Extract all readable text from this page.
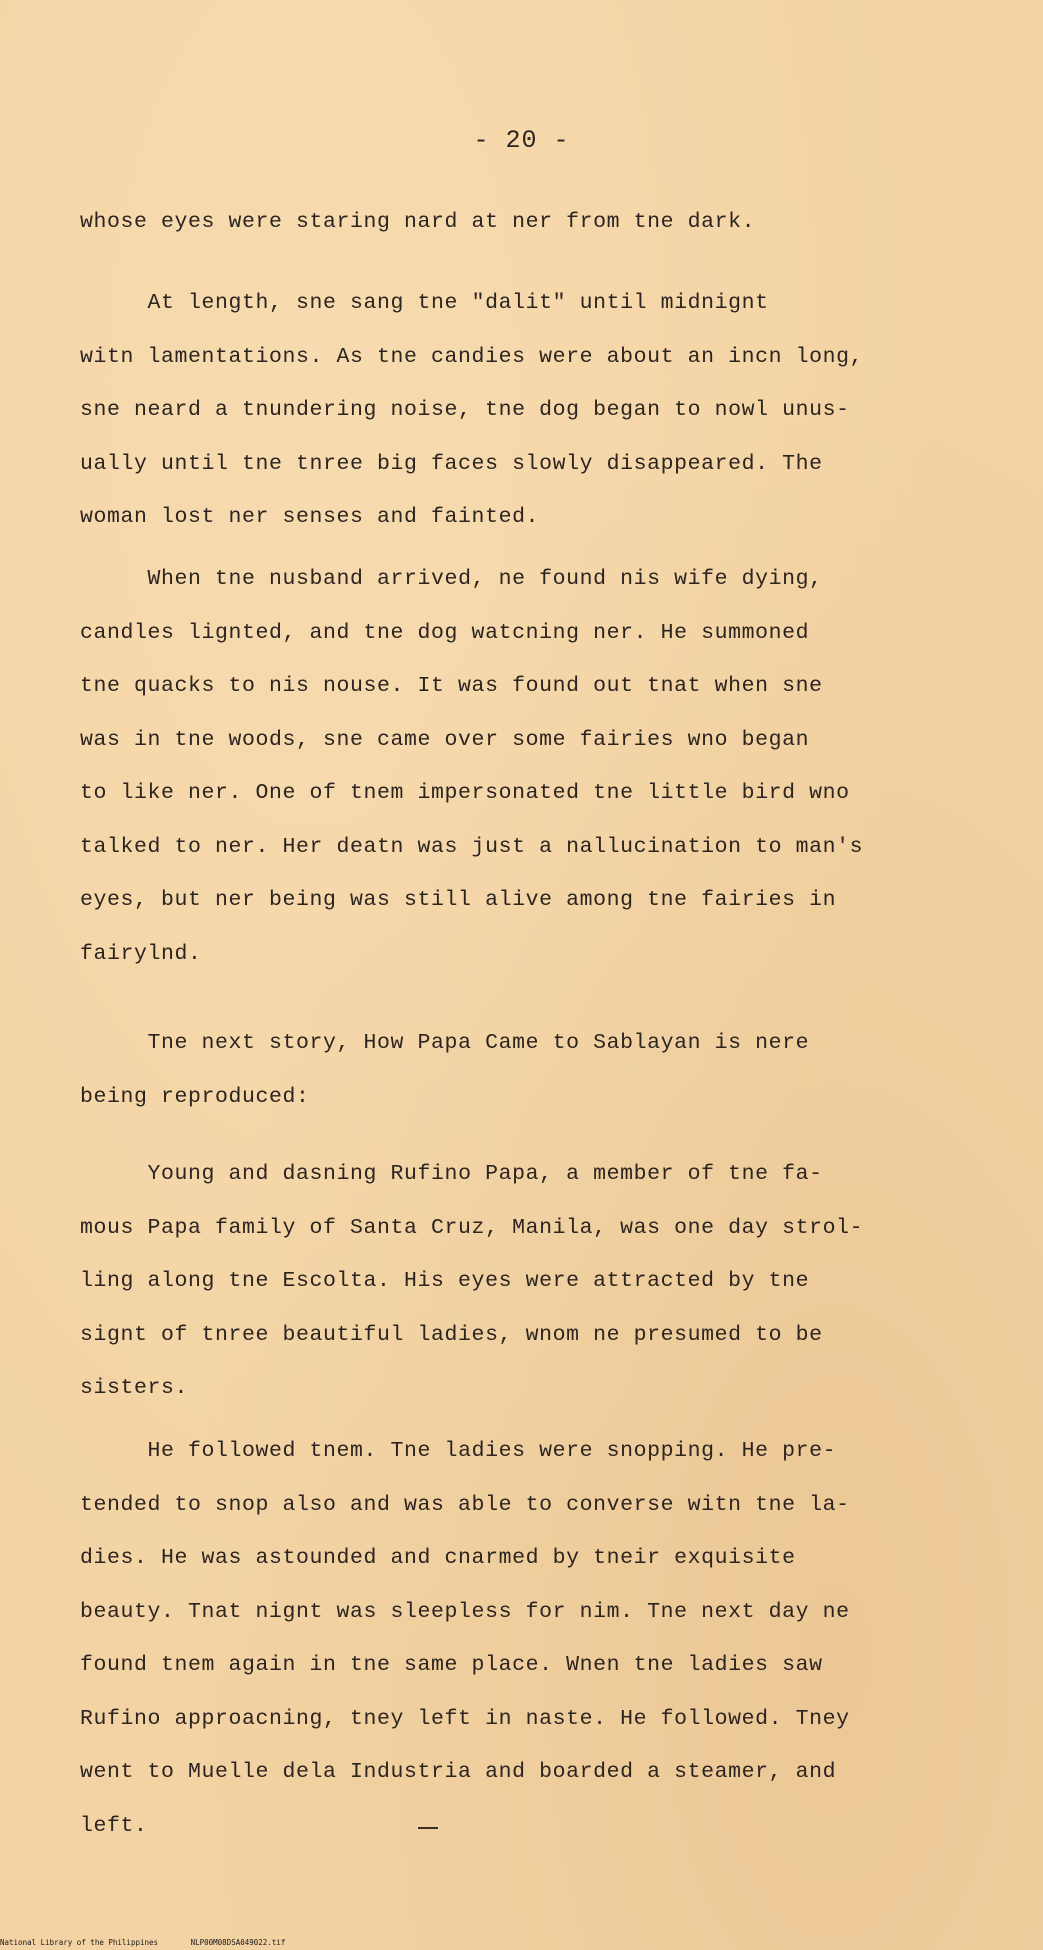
- 20 -

whose eyes were staring nard at ner from tne dark.

At length, sne sang tne "dalit" until midnignt
witn lamentations. As tne candies were about an incn long,
sne neard a tnundering noise, tne dog began to nowl unus-
ually until tne tnree big faces slowly disappeared. The
woman lost ner senses and fainted.

When tne nusband arrived, ne found nis wife dying,
candles lignted, and tne dog watcning ner. He summoned
tne quacks to nis nouse. It was found out tnat when sne
was in tne woods, sne came over some fairies wno began
to like ner. One of tnem impersonated tne little bird wno
talked to ner. Her deatn was just a nallucination to man's
eyes, but ner being was still alive among tne fairies in
fairylnd.

Tne next story, How Papa Came to Sablayan is nere
being reproduced:

Young and dasning Rufino Papa, a member of tne fa-
mous Papa family of Santa Cruz, Manila, was one day strol-
ling along tne Escolta. His eyes were attracted by tne
signt of tnree beautiful ladies, wnom ne presumed to be
sisters.

He followed tnem. Tne ladies were snopping. He pre-
tended to snop also and was able to converse witn tne la-
dies. He was astounded and cnarmed by tneir exquisite
beauty. Tnat nignt was sleepless for nim. Tne next day ne
found tnem again in tne same place. Wnen tne ladies saw
Rufino approacning, tney left in naste. He followed. Tney
went to Muelle dela Industria and boarded a steamer, and
left.

National Library of the Philippines	NLP00M08DSA049022.tif
